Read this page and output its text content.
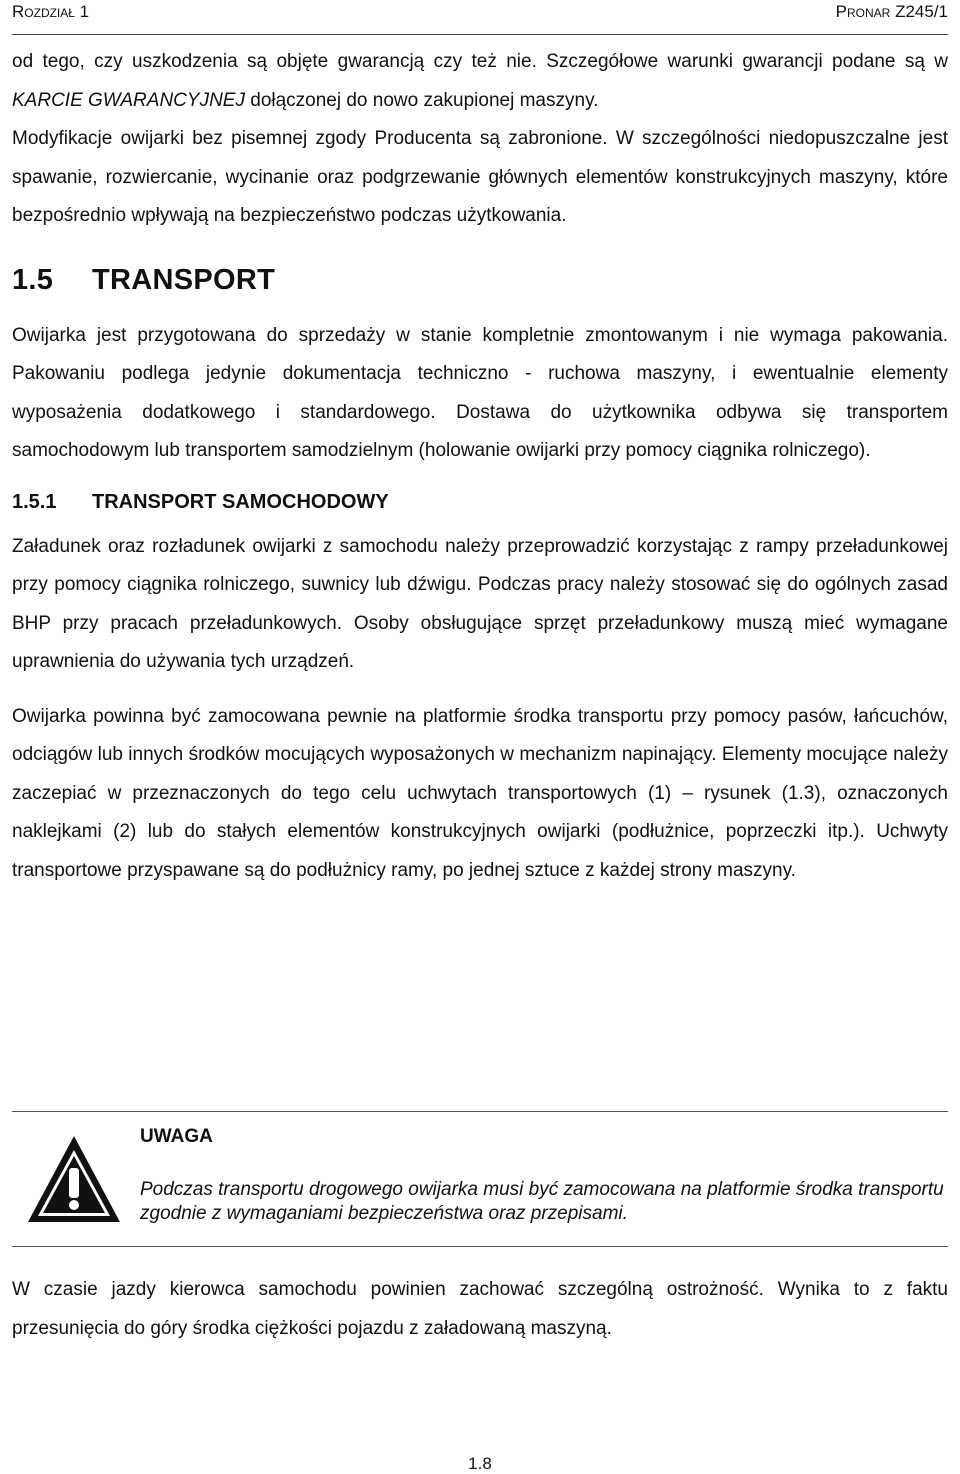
Rozdział 1	Pronar Z245/1

od tego, czy uszkodzenia są objęte gwarancją czy też nie. Szczegółowe warunki gwarancji podane są w KARCIE GWARANCYJNEJ dołączonej do nowo zakupionej maszyny.

Modyfikacje owijarki bez pisemnej zgody Producenta są zabronione. W szczególności niedopuszczalne jest spawanie, rozwiercanie, wycinanie oraz podgrzewanie głównych elementów konstrukcyjnych maszyny, które bezpośrednio wpływają na bezpieczeństwo podczas użytkowania.

1.5 TRANSPORT

Owijarka jest przygotowana do sprzedaży w stanie kompletnie zmontowanym i nie wymaga pakowania. Pakowaniu podlega jedynie dokumentacja techniczno - ruchowa maszyny, i ewentualnie elementy wyposażenia dodatkowego i standardowego. Dostawa do użytkownika odbywa się transportem samochodowym lub transportem samodzielnym (holowanie owijarki przy pomocy ciągnika rolniczego).

1.5.1 TRANSPORT SAMOCHODOWY

Załadunek oraz rozładunek owijarki z samochodu należy przeprowadzić korzystając z rampy przeładunkowej przy pomocy ciągnika rolniczego, suwnicy lub dźwigu. Podczas pracy należy stosować się do ogólnych zasad BHP przy pracach przeładunkowych. Osoby obsługujące sprzęt przeładunkowy muszą mieć wymagane uprawnienia do używania tych urządzeń.

Owijarka powinna być zamocowana pewnie na platformie środka transportu przy pomocy pasów, łańcuchów, odciągów lub innych środków mocujących wyposażonych w mechanizm napinający. Elementy mocujące należy zaczepiać w przeznaczonych do tego celu uchwytach transportowych (1) – rysunek (1.3), oznaczonych naklejkami (2) lub do stałych elementów konstrukcyjnych owijarki (podłużnice, poprzeczki itp.). Uchwyty transportowe przyspawane są do podłużnicy ramy, po jednej sztuce z każdej strony maszyny.

UWAGA
Podczas transportu drogowego owijarka musi być zamocowana na platformie środka transportu zgodnie z wymaganiami bezpieczeństwa oraz przepisami.

W czasie jazdy kierowca samochodu powinien zachować szczególną ostrożność. Wynika to z faktu przesunięcia do góry środka ciężkości pojazdu z załadowaną maszyną.

1.8
